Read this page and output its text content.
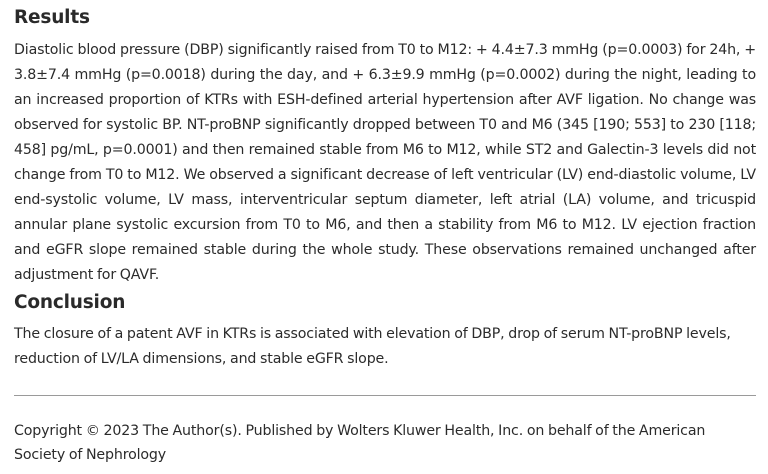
Results

Diastolic blood pressure (DBP) significantly raised from T0 to M12: + 4.4±7.3 mmHg (p=0.0003) for 24h, + 3.8±7.4 mmHg (p=0.0018) during the day, and + 6.3±9.9 mmHg (p=0.0002) during the night, leading to an increased proportion of KTRs with ESH-defined arterial hypertension after AVF ligation. No change was observed for systolic BP. NT-proBNP significantly dropped between T0 and M6 (345 [190; 553] to 230 [118; 458] pg/mL, p=0.0001) and then remained stable from M6 to M12, while ST2 and Galectin-3 levels did not change from T0 to M12. We observed a significant decrease of left ventricular (LV) end-diastolic volume, LV end-systolic volume, LV mass, interventricular septum diameter, left atrial (LA) volume, and tricuspid annular plane systolic excursion from T0 to M6, and then a stability from M6 to M12. LV ejection fraction and eGFR slope remained stable during the whole study. These observations remained unchanged after adjustment for QAVF.

Conclusion

The closure of a patent AVF in KTRs is associated with elevation of DBP, drop of serum NT-proBNP levels, reduction of LV/LA dimensions, and stable eGFR slope.

Copyright © 2023 The Author(s). Published by Wolters Kluwer Health, Inc. on behalf of the American Society of Nephrology
